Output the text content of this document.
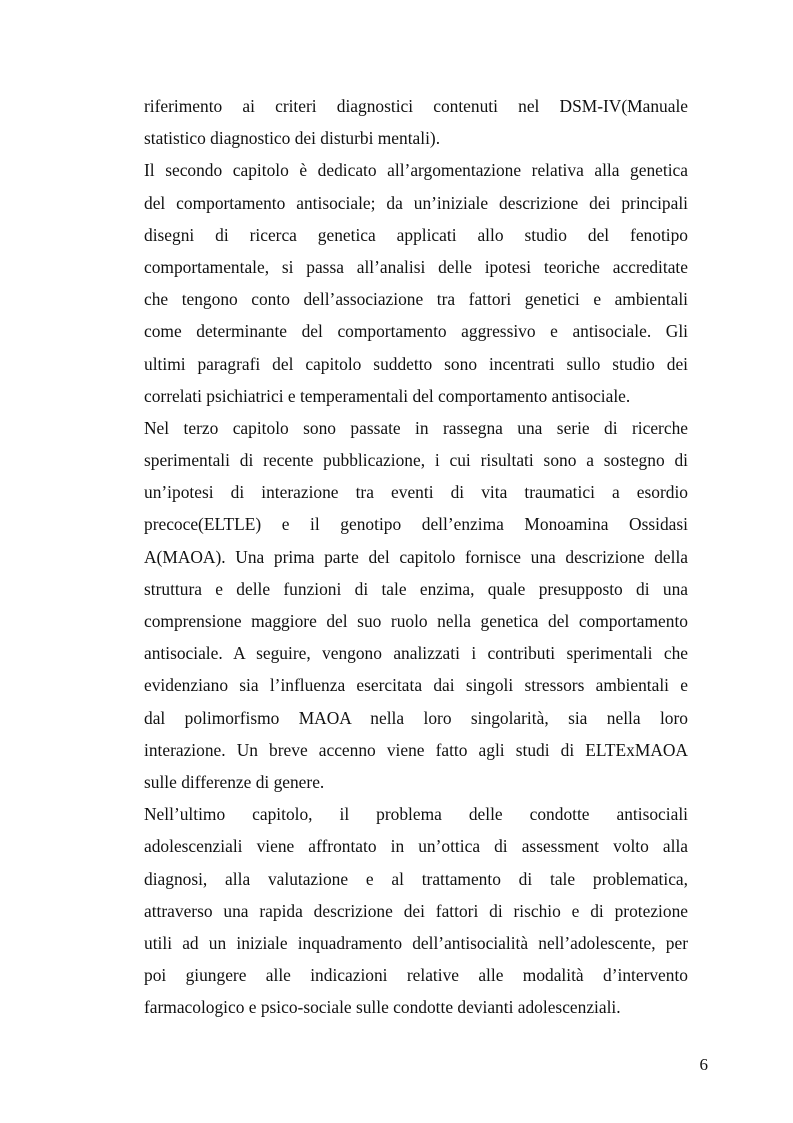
riferimento ai criteri diagnostici contenuti nel DSM-IV(Manuale
statistico diagnostico dei disturbi mentali).
Il secondo capitolo è dedicato all’argomentazione relativa alla genetica
del comportamento antisociale; da un’iniziale descrizione dei principali
disegni di ricerca genetica applicati allo studio del fenotipo
comportamentale, si passa all’analisi delle ipotesi teoriche accreditate
che tengono conto dell’associazione tra fattori genetici e ambientali
come determinante del comportamento aggressivo e antisociale. Gli
ultimi paragrafi del capitolo suddetto sono incentrati sullo studio dei
correlati psichiatrici e temperamentali del comportamento antisociale.
Nel terzo capitolo sono passate in rassegna una serie di ricerche
sperimentali di recente pubblicazione, i cui risultati sono a sostegno di
un’ipotesi di interazione tra eventi di vita traumatici a esordio
precoce(ELTLE) e il genotipo dell’enzima Monoamina Ossidasi
A(MAOA). Una prima parte del capitolo fornisce una descrizione della
struttura e delle funzioni di tale enzima, quale presupposto di una
comprensione maggiore del suo ruolo nella genetica del comportamento
antisociale. A seguire, vengono analizzati i contributi sperimentali che
evidenziano sia l’influenza esercitata dai singoli stressors ambientali e
dal polimorfismo MAOA nella loro singolarità, sia nella loro
interazione. Un breve accenno viene fatto agli studi di ELTExMAOA
sulle differenze di genere.
Nell’ultimo capitolo, il problema delle condotte antisociali
adolescenziali viene affrontato in un’ottica di assessment volto alla
diagnosi, alla valutazione e al trattamento di tale problematica,
attraverso una rapida descrizione dei fattori di rischio e di protezione
utili ad un iniziale inquadramento dell’antisocialità nell’adolescente, per
poi giungere alle indicazioni relative alle modalità d’intervento
farmacologico e psico-sociale sulle condotte devianti adolescenziali.
6
